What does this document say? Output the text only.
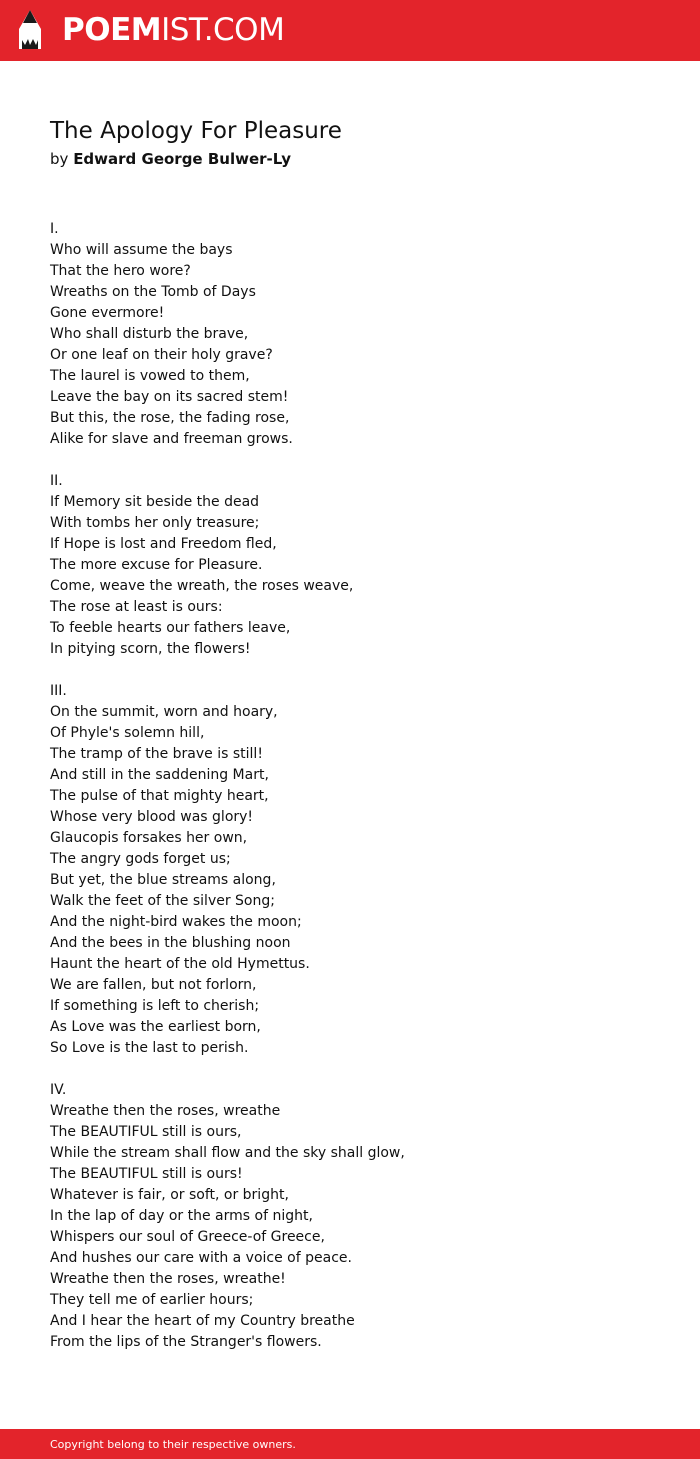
POEMIST.COM
The Apology For Pleasure
by Edward George Bulwer-Ly
I.
Who will assume the bays
That the hero wore?
Wreaths on the Tomb of Days
Gone evermore!
Who shall disturb the brave,
Or one leaf on their holy grave?
The laurel is vowed to them,
Leave the bay on its sacred stem!
But this, the rose, the fading rose,
Alike for slave and freeman grows.
II.
If Memory sit beside the dead
With tombs her only treasure;
If Hope is lost and Freedom fled,
The more excuse for Pleasure.
Come, weave the wreath, the roses weave,
The rose at least is ours:
To feeble hearts our fathers leave,
In pitying scorn, the flowers!
III.
On the summit, worn and hoary,
Of Phyle's solemn hill,
The tramp of the brave is still!
And still in the saddening Mart,
The pulse of that mighty heart,
Whose very blood was glory!
Glaucopis forsakes her own,
The angry gods forget us;
But yet, the blue streams along,
Walk the feet of the silver Song;
And the night-bird wakes the moon;
And the bees in the blushing noon
Haunt the heart of the old Hymettus.
We are fallen, but not forlorn,
If something is left to cherish;
As Love was the earliest born,
So Love is the last to perish.
IV.
Wreathe then the roses, wreathe
The BEAUTIFUL still is ours,
While the stream shall flow and the sky shall glow,
The BEAUTIFUL still is ours!
Whatever is fair, or soft, or bright,
In the lap of day or the arms of night,
Whispers our soul of Greece-of Greece,
And hushes our care with a voice of peace.
Wreathe then the roses, wreathe!
They tell me of earlier hours;
And I hear the heart of my Country breathe
From the lips of the Stranger's flowers.
Copyright belong to their respective owners.
